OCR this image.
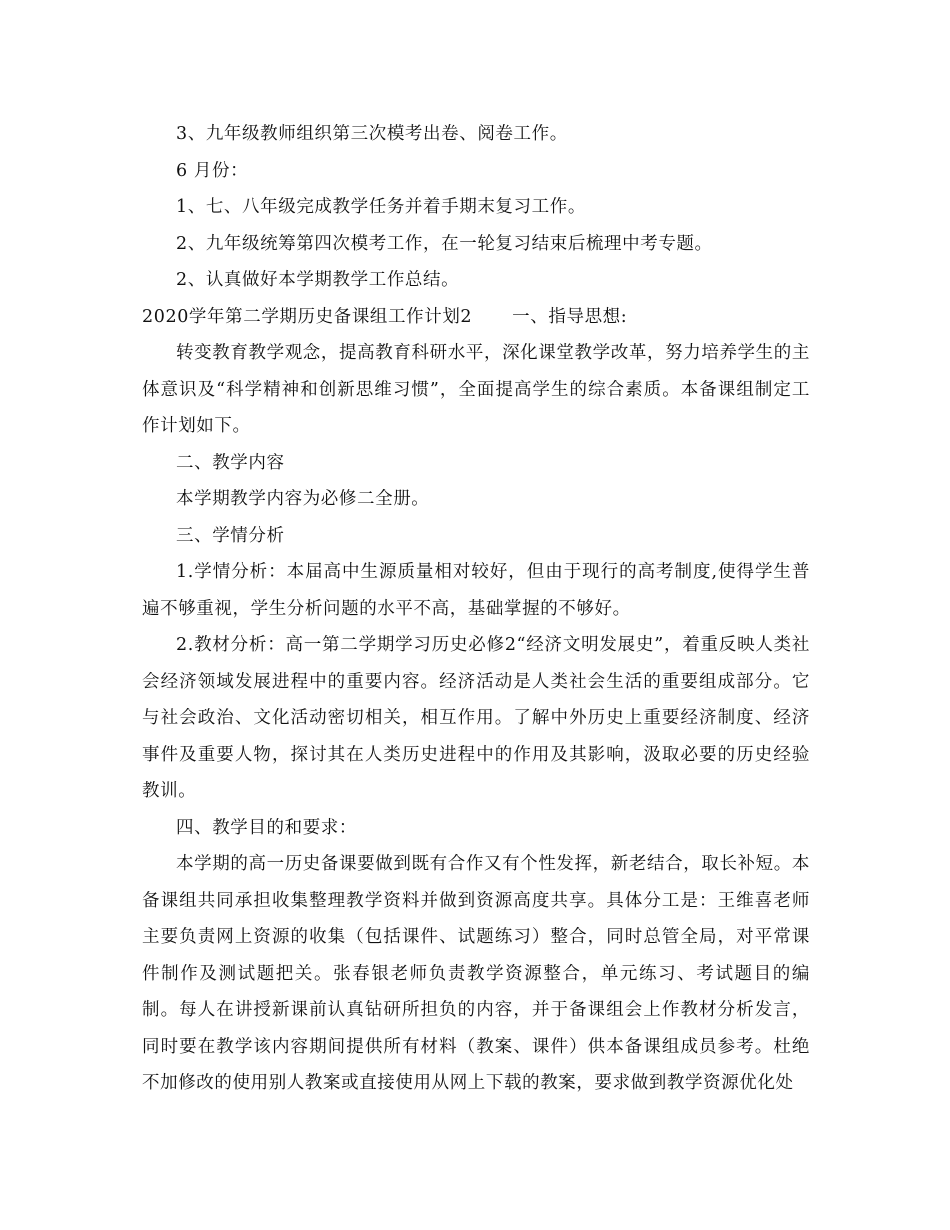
3、九年级教师组织第三次模考出卷、阅卷工作。

6 月份：

1、七、八年级完成教学任务并着手期末复习工作。

2、九年级统筹第四次模考工作，在一轮复习结束后梳理中考专题。

2、认真做好本学期教学工作总结。

2020学年第二学期历史备课组工作计划2 一、指导思想:

转变教育教学观念，提高教育科研水平，深化课堂教学改革，努力培养学生的主体意识及“科学精神和创新思维习惯”，全面提高学生的综合素质。本备课组制定工作计划如下。

二、教学内容

本学期教学内容为必修二全册。

三、学情分析

1.学情分析：本届高中生源质量相对较好，但由于现行的高考制度,使得学生普遍不够重视，学生分析问题的水平不高，基础掌握的不够好。

2.教材分析：高一第二学期学习历史必修2“经济文明发展史”，着重反映人类社会经济领域发展进程中的重要内容。经济活动是人类社会生活的重要组成部分。它与社会政治、文化活动密切相关，相互作用。了解中外历史上重要经济制度、经济事件及重要人物，探讨其在人类历史进程中的作用及其影响，汲取必要的历史经验教训。

四、教学目的和要求：

本学期的高一历史备课要做到既有合作又有个性发挥，新老结合，取长补短。本备课组共同承担收集整理教学资料并做到资源高度共享。具体分工是：王维喜老师主要负责网上资源的收集（包括课件、试题练习）整合，同时总管全局，对平常课件制作及测试题把关。张春银老师负责教学资源整合，单元练习、考试题目的编制。每人在讲授新课前认真钻研所担负的内容，并于备课组会上作教材分析发言，同时要在教学该内容期间提供所有材料（教案、课件）供本备课组成员参考。杜绝不加修改的使用别人教案或直接使用从网上下载的教案，要求做到教学资源优化处
